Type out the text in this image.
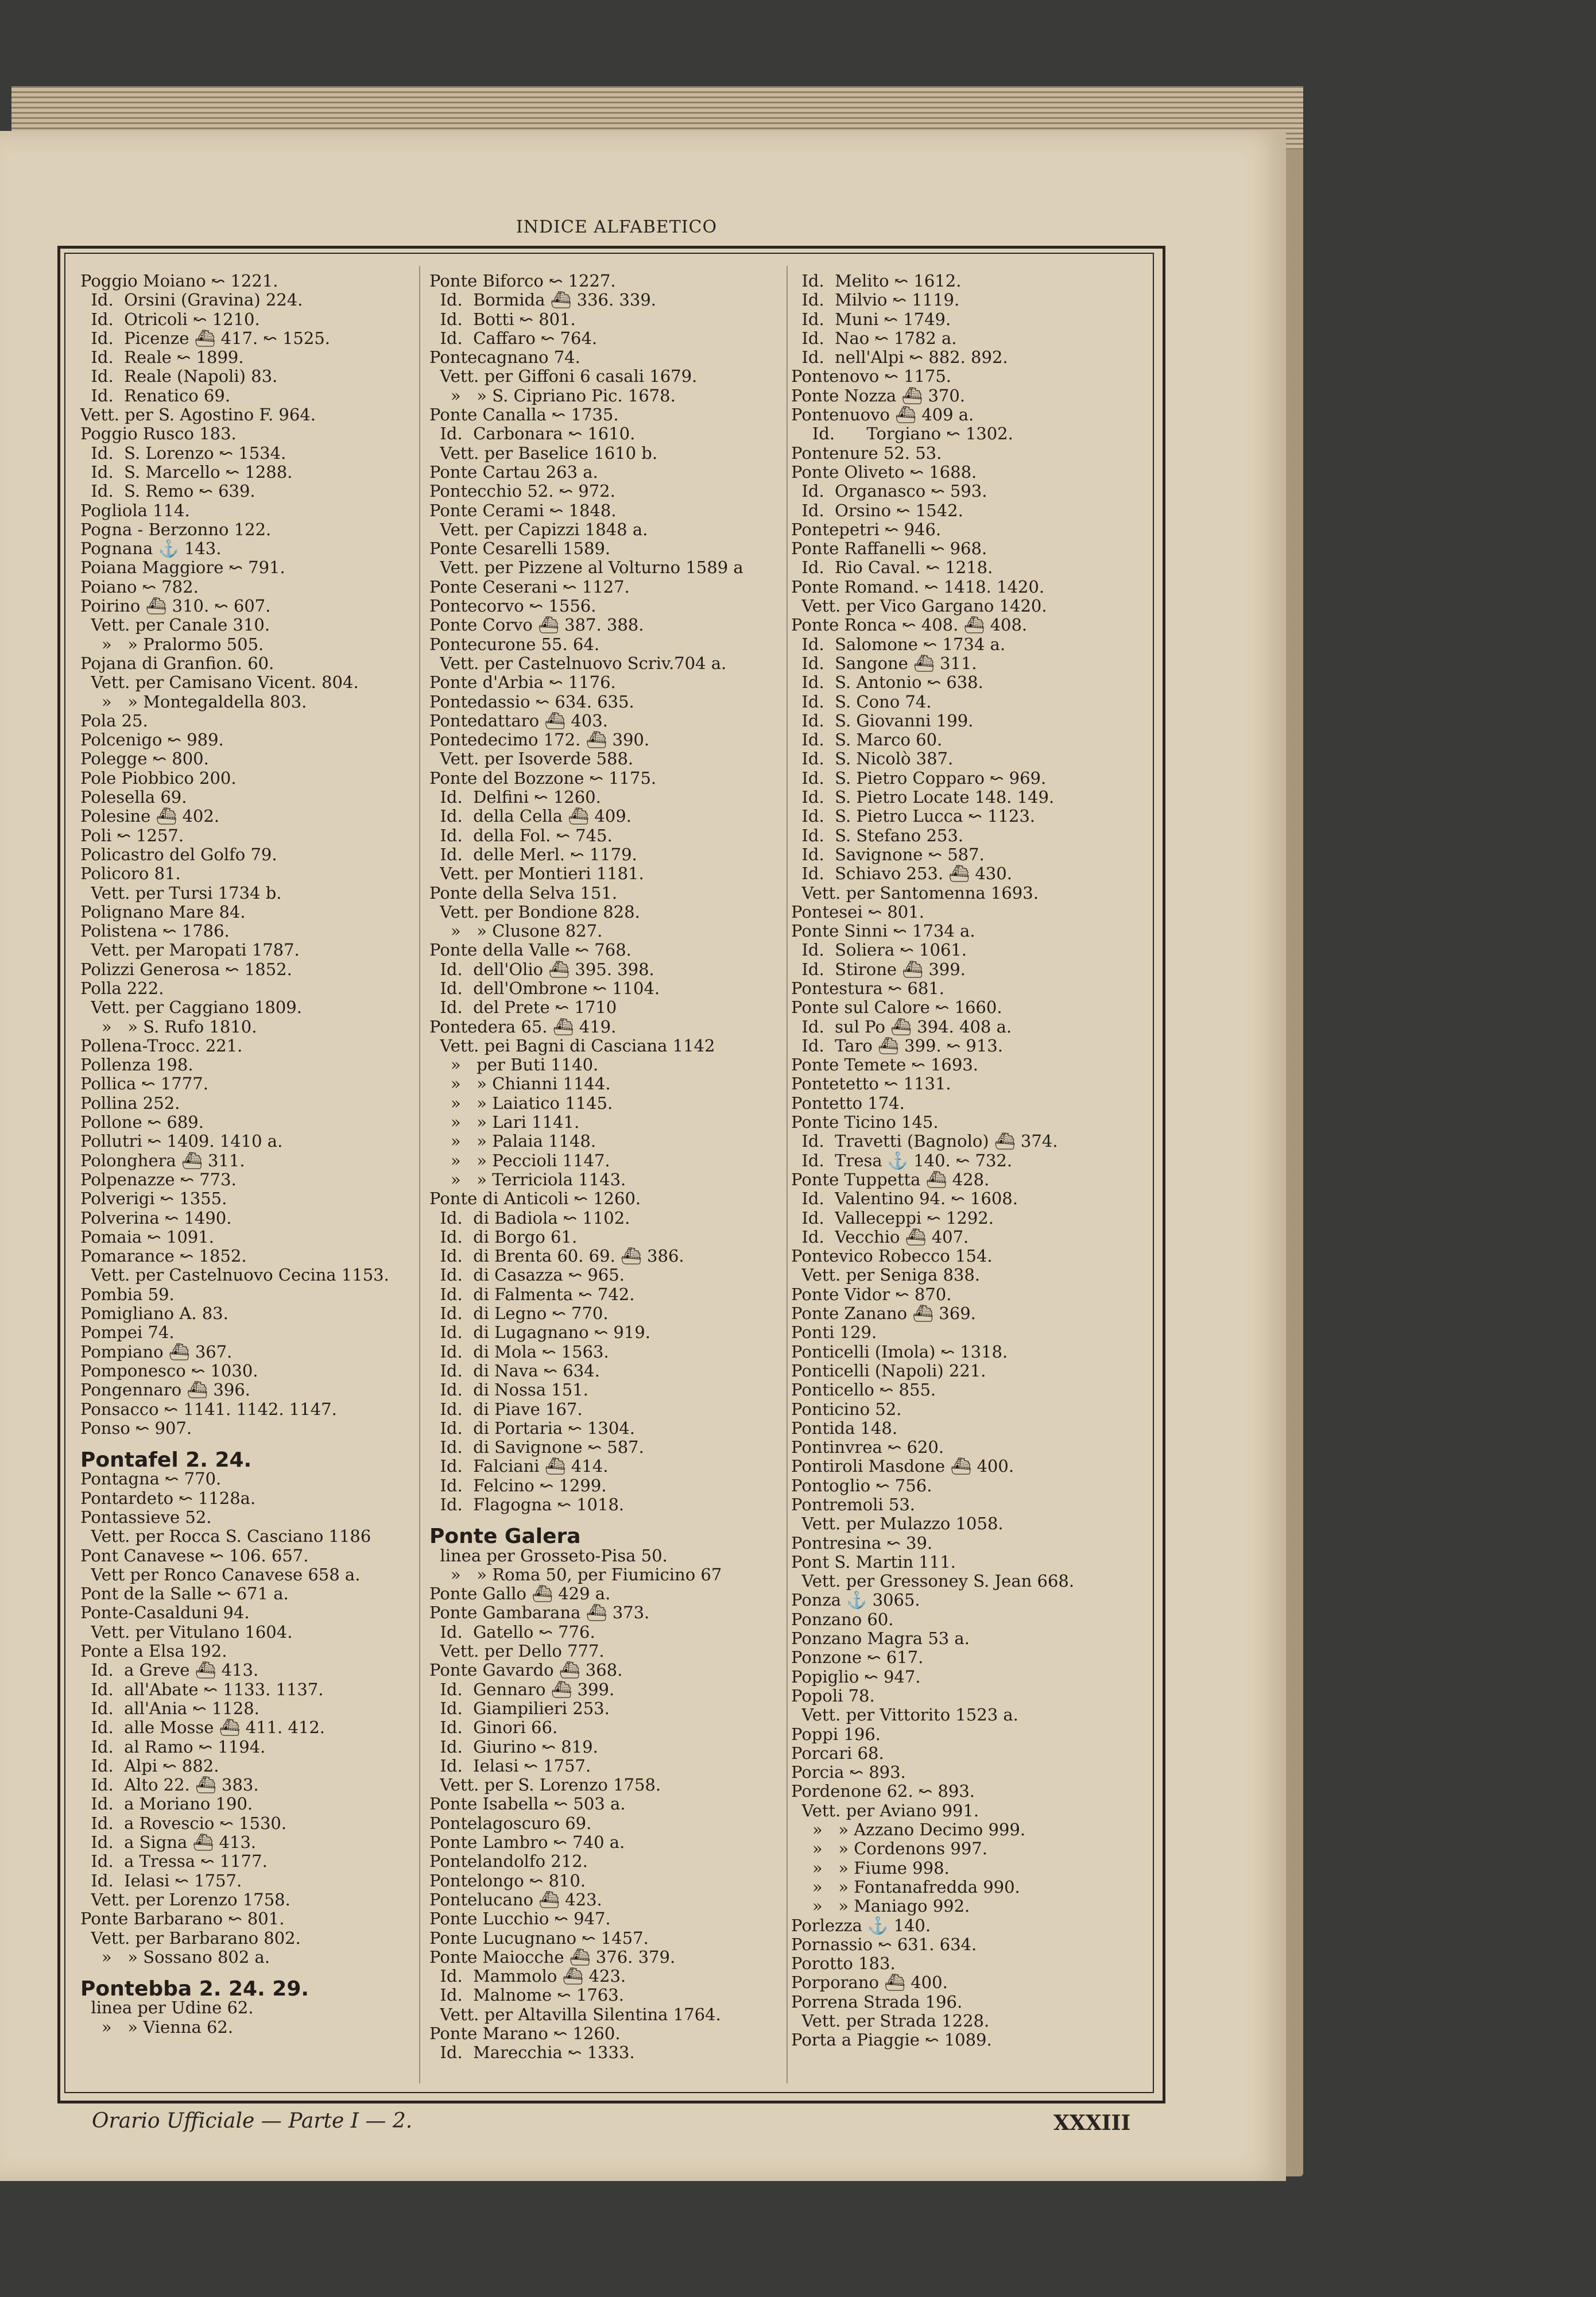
INDICE ALFABETICO
Poggio Moiano ↜ 1221.
Id.  Orsini (Gravina) 224.
Id.  Otricoli ↜ 1210.
Id.  Picenze ⛴ 417. ↜ 1525.
Id.  Reale ↜ 1899.
Id.  Reale (Napoli) 83.
Id.  Renatico 69.
Vett. per S. Agostino F. 964.
Poggio Rusco 183.
Id.  S. Lorenzo ↜ 1534.
Id.  S. Marcello ↜ 1288.
Id.  S. Remo ↜ 639.
Pogliola 114.
Pogna - Berzonno 122.
Pognana ⚓ 143.
Poiana Maggiore ↜ 791.
Poiano ↜ 782.
Poirino ⛴ 310. ↜ 607.
Vett. per Canale 310.
»   » Pralormo 505.
Pojana di Granfion. 60.
Vett. per Camisano Vicent. 804.
»   » Montegaldella 803.
Pola 25.
Polcenigo ↜ 989.
Polegge ↜ 800.
Pole Piobbico 200.
Polesella 69.
Polesine ⛴ 402.
Poli ↜ 1257.
Policastro del Golfo 79.
Policoro 81.
Vett. per Tursi 1734 b.
Polignano Mare 84.
Polistena ↜ 1786.
Vett. per Maropati 1787.
Polizzi Generosa ↜ 1852.
Polla 222.
Vett. per Caggiano 1809.
»   » S. Rufo 1810.
Pollena-Trocc. 221.
Pollenza 198.
Pollica ↜ 1777.
Pollina 252.
Pollone ↜ 689.
Pollutri ↜ 1409. 1410 a.
Polonghera ⛴ 311.
Polpenazze ↜ 773.
Polverigi ↜ 1355.
Polverina ↜ 1490.
Pomaia ↜ 1091.
Pomarance ↜ 1852.
Vett. per Castelnuovo Cecina 1153.
Pombia 59.
Pomigliano A. 83.
Pompei 74.
Pompiano ⛴ 367.
Pomponesco ↜ 1030.
Pongennaro ⛴ 396.
Ponsacco ↜ 1141. 1142. 1147.
Ponso ↜ 907.
Pontafel 2. 24.
Pontagna ↜ 770.
Pontardeto ↜ 1128a.
Pontassieve 52.
Vett. per Rocca S. Casciano 1186
Pont Canavese ↜ 106. 657.
Vett per Ronco Canavese 658 a.
Pont de la Salle ↜ 671 a.
Ponte-Casalduni 94.
Vett. per Vitulano 1604.
Ponte a Elsa 192.
Id.  a Greve ⛴ 413.
Id.  all'Abate ↜ 1133. 1137.
Id.  all'Ania ↜ 1128.
Id.  alle Mosse ⛴ 411. 412.
Id.  al Ramo ↜ 1194.
Id.  Alpi ↜ 882.
Id.  Alto 22. ⛴ 383.
Id.  a Moriano 190.
Id.  a Rovescio ↜ 1530.
Id.  a Signa ⛴ 413.
Id.  a Tressa ↜ 1177.
Id.  Ielasi ↜ 1757.
Vett. per Lorenzo 1758.
Ponte Barbarano ↜ 801.
Vett. per Barbarano 802.
»   » Sossano 802 a.
Pontebba 2. 24. 29.
linea per Udine 62.
»   » Vienna 62.
Ponte Biforco ↜ 1227.
Id.  Bormida ⛴ 336. 339.
Id.  Botti ↜ 801.
Id.  Caffaro ↜ 764.
Pontecagnano 74.
Vett. per Giffoni 6 casali 1679.
»   » S. Cipriano Pic. 1678.
Ponte Canalla ↜ 1735.
Id.  Carbonara ↜ 1610.
Vett. per Baselice 1610 b.
Ponte Cartau 263 a.
Pontecchio 52. ↜ 972.
Ponte Cerami ↜ 1848.
Vett. per Capizzi 1848 a.
Ponte Cesarelli 1589.
Vett. per Pizzene al Volturno 1589 a
Ponte Ceserani ↜ 1127.
Pontecorvo ↜ 1556.
Ponte Corvo ⛴ 387. 388.
Pontecurone 55. 64.
Vett. per Castelnuovo Scriv.704 a.
Ponte d'Arbia ↜ 1176.
Pontedassio ↜ 634. 635.
Pontedattaro ⛴ 403.
Pontedecimo 172. ⛴ 390.
Vett. per Isoverde 588.
Ponte del Bozzone ↜ 1175.
Id.  Delfini ↜ 1260.
Id.  della Cella ⛴ 409.
Id.  della Fol. ↜ 745.
Id.  delle Merl. ↜ 1179.
Vett. per Montieri 1181.
Ponte della Selva 151.
Vett. per Bondione 828.
»   » Clusone 827.
Ponte della Valle ↜ 768.
Id.  dell'Olio ⛴ 395. 398.
Id.  dell'Ombrone ↜ 1104.
Id.  del Prete ↜ 1710
Pontedera 65. ⛴ 419.
Vett. pei Bagni di Casciana 1142
»   per Buti 1140.
»   » Chianni 1144.
»   » Laiatico 1145.
»   » Lari 1141.
»   » Palaia 1148.
»   » Peccioli 1147.
»   » Terriciola 1143.
Ponte di Anticoli ↜ 1260.
Id.  di Badiola ↜ 1102.
Id.  di Borgo 61.
Id.  di Brenta 60. 69. ⛴ 386.
Id.  di Casazza ↜ 965.
Id.  di Falmenta ↜ 742.
Id.  di Legno ↜ 770.
Id.  di Lugagnano ↜ 919.
Id.  di Mola ↜ 1563.
Id.  di Nava ↜ 634.
Id.  di Nossa 151.
Id.  di Piave 167.
Id.  di Portaria ↜ 1304.
Id.  di Savignone ↜ 587.
Id.  Falciani ⛴ 414.
Id.  Felcino ↜ 1299.
Id.  Flagogna ↜ 1018.
Ponte Galera
linea per Grosseto-Pisa 50.
»   » Roma 50, per Fiumicino 67
Ponte Gallo ⛴ 429 a.
Ponte Gambarana ⛴ 373.
Id.  Gatello ↜ 776.
Vett. per Dello 777.
Ponte Gavardo ⛴ 368.
Id.  Gennaro ⛴ 399.
Id.  Giampilieri 253.
Id.  Ginori 66.
Id.  Giurino ↜ 819.
Id.  Ielasi ↜ 1757.
Vett. per S. Lorenzo 1758.
Ponte Isabella ↜ 503 a.
Pontelagoscuro 69.
Ponte Lambro ↜ 740 a.
Pontelandolfo 212.
Pontelongo ↜ 810.
Pontelucano ⛴ 423.
Ponte Lucchio ↜ 947.
Ponte Lucugnano ↜ 1457.
Ponte Maiocche ⛴ 376. 379.
Id.  Mammolo ⛴ 423.
Id.  Malnome ↜ 1763.
Vett. per Altavilla Silentina 1764.
Ponte Marano ↜ 1260.
Id.  Marecchia ↜ 1333.
Id.  Melito ↜ 1612.
Id.  Milvio ↜ 1119.
Id.  Muni ↜ 1749.
Id.  Nao ↜ 1782 a.
Id.  nell'Alpi ↜ 882. 892.
Pontenovo ↜ 1175.
Ponte Nozza ⛴ 370.
Pontenuovo ⛴ 409 a.
Id.      Torgiano ↜ 1302.
Pontenure 52. 53.
Ponte Oliveto ↜ 1688.
Id.  Organasco ↜ 593.
Id.  Orsino ↜ 1542.
Pontepetri ↜ 946.
Ponte Raffanelli ↜ 968.
Id.  Rio Caval. ↜ 1218.
Ponte Romand. ↜ 1418. 1420.
Vett. per Vico Gargano 1420.
Ponte Ronca ↜ 408. ⛴ 408.
Id.  Salomone ↜ 1734 a.
Id.  Sangone ⛴ 311.
Id.  S. Antonio ↜ 638.
Id.  S. Cono 74.
Id.  S. Giovanni 199.
Id.  S. Marco 60.
Id.  S. Nicolò 387.
Id.  S. Pietro Copparo ↜ 969.
Id.  S. Pietro Locate 148. 149.
Id.  S. Pietro Lucca ↜ 1123.
Id.  S. Stefano 253.
Id.  Savignone ↜ 587.
Id.  Schiavo 253. ⛴ 430.
Vett. per Santomenna 1693.
Pontesei ↜ 801.
Ponte Sinni ↜ 1734 a.
Id.  Soliera ↜ 1061.
Id.  Stirone ⛴ 399.
Pontestura ↜ 681.
Ponte sul Calore ↜ 1660.
Id.  sul Po ⛴ 394. 408 a.
Id.  Taro ⛴ 399. ↜ 913.
Ponte Temete ↜ 1693.
Pontetetto ↜ 1131.
Pontetto 174.
Ponte Ticino 145.
Id.  Travetti (Bagnolo) ⛴ 374.
Id.  Tresa ⚓ 140. ↜ 732.
Ponte Tuppetta ⛴ 428.
Id.  Valentino 94. ↜ 1608.
Id.  Valleceppi ↜ 1292.
Id.  Vecchio ⛴ 407.
Pontevico Robecco 154.
Vett. per Seniga 838.
Ponte Vidor ↜ 870.
Ponte Zanano ⛴ 369.
Ponti 129.
Ponticelli (Imola) ↜ 1318.
Ponticelli (Napoli) 221.
Ponticello ↜ 855.
Ponticino 52.
Pontida 148.
Pontinvrea ↜ 620.
Pontiroli Masdone ⛴ 400.
Pontoglio ↜ 756.
Pontremoli 53.
Vett. per Mulazzo 1058.
Pontresina ↜ 39.
Pont S. Martin 111.
Vett. per Gressoney S. Jean 668.
Ponza ⚓ 3065.
Ponzano 60.
Ponzano Magra 53 a.
Ponzone ↜ 617.
Popiglio ↜ 947.
Popoli 78.
Vett. per Vittorito 1523 a.
Poppi 196.
Porcari 68.
Porcia ↜ 893.
Pordenone 62. ↜ 893.
Vett. per Aviano 991.
»   » Azzano Decimo 999.
»   » Cordenons 997.
»   » Fiume 998.
»   » Fontanafredda 990.
»   » Maniago 992.
Porlezza ⚓ 140.
Pornassio ↜ 631. 634.
Porotto 183.
Porporano ⛴ 400.
Porrena Strada 196.
Vett. per Strada 1228.
Porta a Piaggie ↜ 1089.
Orario Ufficiale — Parte I — 2.	XXXIII
